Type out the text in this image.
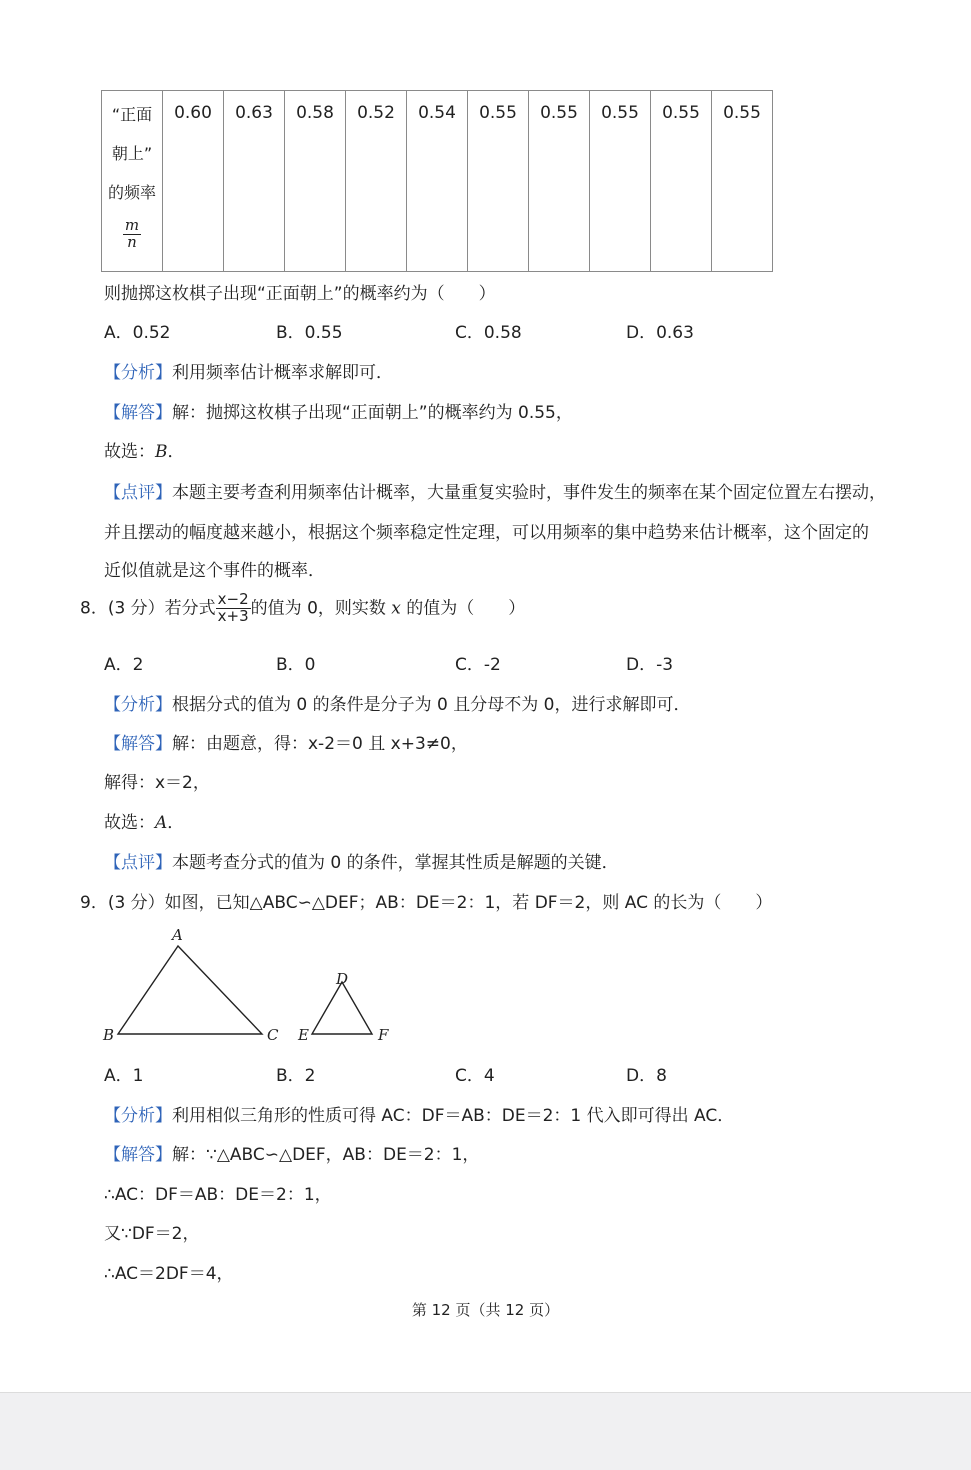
“正面
朝上”
的频率
$\frac{m}{n}$
	0.60	0.63	0.58	0.52	0.54	0.55	0.55	0.55	0.55	0.55
则抛掷这枚棋子出现“正面朝上”的概率约为（　　）
A．0.52	B．0.55	C．0.58	D．0.63
【分析】利用频率估计概率求解即可．
【解答】解：抛掷这枚棋子出现“正面朝上”的概率约为 0.55，
故选：B．
【点评】本题主要考查利用频率估计概率，大量重复实验时，事件发生的频率在某个固定位置左右摆动，
并且摆动的幅度越来越小，根据这个频率稳定性定理，可以用频率的集中趋势来估计概率，这个固定的
近似值就是这个事件的概率．
8．(3 分）若分式 $\frac{x-2}{x+3}$ 的值为 0，则实数 x 的值为（　　）
A．2	B．0	C．-2	D．-3
【分析】根据分式的值为 0 的条件是分子为 0 且分母不为 0，进行求解即可．
【解答】解：由题意，得：x-2＝0 且 x+3≠0，
解得：x＝2，
故选：A．
【点评】本题考查分式的值为 0 的条件，掌握其性质是解题的关键．
9．(3 分）如图，已知△ABC∽△DEF；AB：DE＝2：1，若 DF＝2，则 AC 的长为（　　）
A
B	C
D
E	F
A．1	B．2	C．4	D．8
【分析】利用相似三角形的性质可得 AC：DF＝AB：DE＝2：1 代入即可得出 AC．
【解答】解：∵△ABC∽△DEF，AB：DE＝2：1，
∴AC：DF＝AB：DE＝2：1，
又∵DF＝2，
∴AC＝2DF＝4，
第 12 页（共 12 页）
